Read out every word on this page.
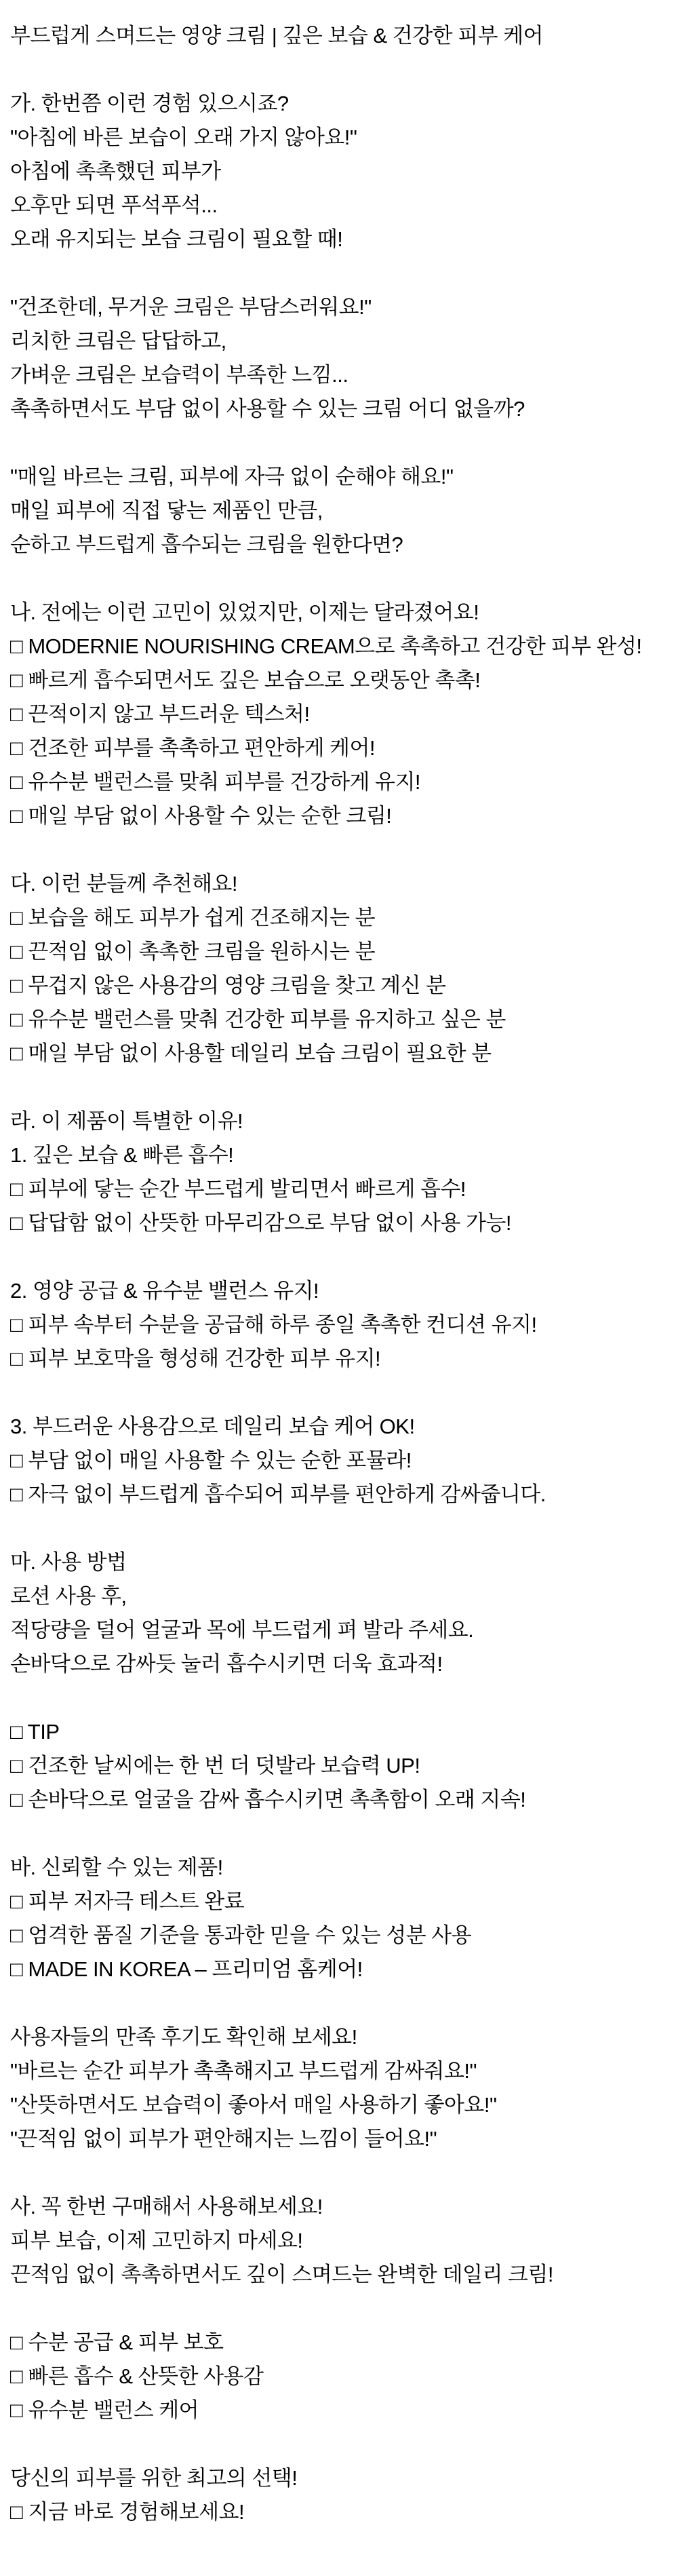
부드럽게 스며드는 영양 크림 | 깊은 보습 & 건강한 피부 케어
가. 한번쯤 이런 경험 있으시죠?
"아침에 바른 보습이 오래 가지 않아요!"
아침에 촉촉했던 피부가
오후만 되면 푸석푸석...
오래 유지되는 보습 크림이 필요할 때!
"건조한데, 무거운 크림은 부담스러워요!"
리치한 크림은 답답하고,
가벼운 크림은 보습력이 부족한 느낌...
촉촉하면서도 부담 없이 사용할 수 있는 크림 어디 없을까?
"매일 바르는 크림, 피부에 자극 없이 순해야 해요!"
매일 피부에 직접 닿는 제품인 만큼,
순하고 부드럽게 흡수되는 크림을 원한다면?
나. 전에는 이런 고민이 있었지만, 이제는 달라졌어요!
□ MODERNIE NOURISHING CREAM으로 촉촉하고 건강한 피부 완성!
□ 빠르게 흡수되면서도 깊은 보습으로 오랫동안 촉촉!
□ 끈적이지 않고 부드러운 텍스처!
□ 건조한 피부를 촉촉하고 편안하게 케어!
□ 유수분 밸런스를 맞춰 피부를 건강하게 유지!
□ 매일 부담 없이 사용할 수 있는 순한 크림!
다. 이런 분들께 추천해요!
□ 보습을 해도 피부가 쉽게 건조해지는 분
□ 끈적임 없이 촉촉한 크림을 원하시는 분
□ 무겁지 않은 사용감의 영양 크림을 찾고 계신 분
□ 유수분 밸런스를 맞춰 건강한 피부를 유지하고 싶은 분
□ 매일 부담 없이 사용할 데일리 보습 크림이 필요한 분
라. 이 제품이 특별한 이유!
1. 깊은 보습 & 빠른 흡수!
□ 피부에 닿는 순간 부드럽게 발리면서 빠르게 흡수!
□ 답답함 없이 산뜻한 마무리감으로 부담 없이 사용 가능!
2. 영양 공급 & 유수분 밸런스 유지!
□ 피부 속부터 수분을 공급해 하루 종일 촉촉한 컨디션 유지!
□ 피부 보호막을 형성해 건강한 피부 유지!
3. 부드러운 사용감으로 데일리 보습 케어 OK!
□ 부담 없이 매일 사용할 수 있는 순한 포뮬라!
□ 자극 없이 부드럽게 흡수되어 피부를 편안하게 감싸줍니다.
마. 사용 방법
로션 사용 후,
적당량을 덜어 얼굴과 목에 부드럽게 펴 발라 주세요.
손바닥으로 감싸듯 눌러 흡수시키면 더욱 효과적!
□ TIP
□ 건조한 날씨에는 한 번 더 덧발라 보습력 UP!
□ 손바닥으로 얼굴을 감싸 흡수시키면 촉촉함이 오래 지속!
바. 신뢰할 수 있는 제품!
□ 피부 저자극 테스트 완료
□ 엄격한 품질 기준을 통과한 믿을 수 있는 성분 사용
□ MADE IN KOREA – 프리미엄 홈케어!
사용자들의 만족 후기도 확인해 보세요!
"바르는 순간 피부가 촉촉해지고 부드럽게 감싸줘요!"
"산뜻하면서도 보습력이 좋아서 매일 사용하기 좋아요!"
"끈적임 없이 피부가 편안해지는 느낌이 들어요!"
사. 꼭 한번 구매해서 사용해보세요!
피부 보습, 이제 고민하지 마세요!
끈적임 없이 촉촉하면서도 깊이 스며드는 완벽한 데일리 크림!
□ 수분 공급 & 피부 보호
□ 빠른 흡수 & 산뜻한 사용감
□ 유수분 밸런스 케어
당신의 피부를 위한 최고의 선택!
□ 지금 바로 경험해보세요!
